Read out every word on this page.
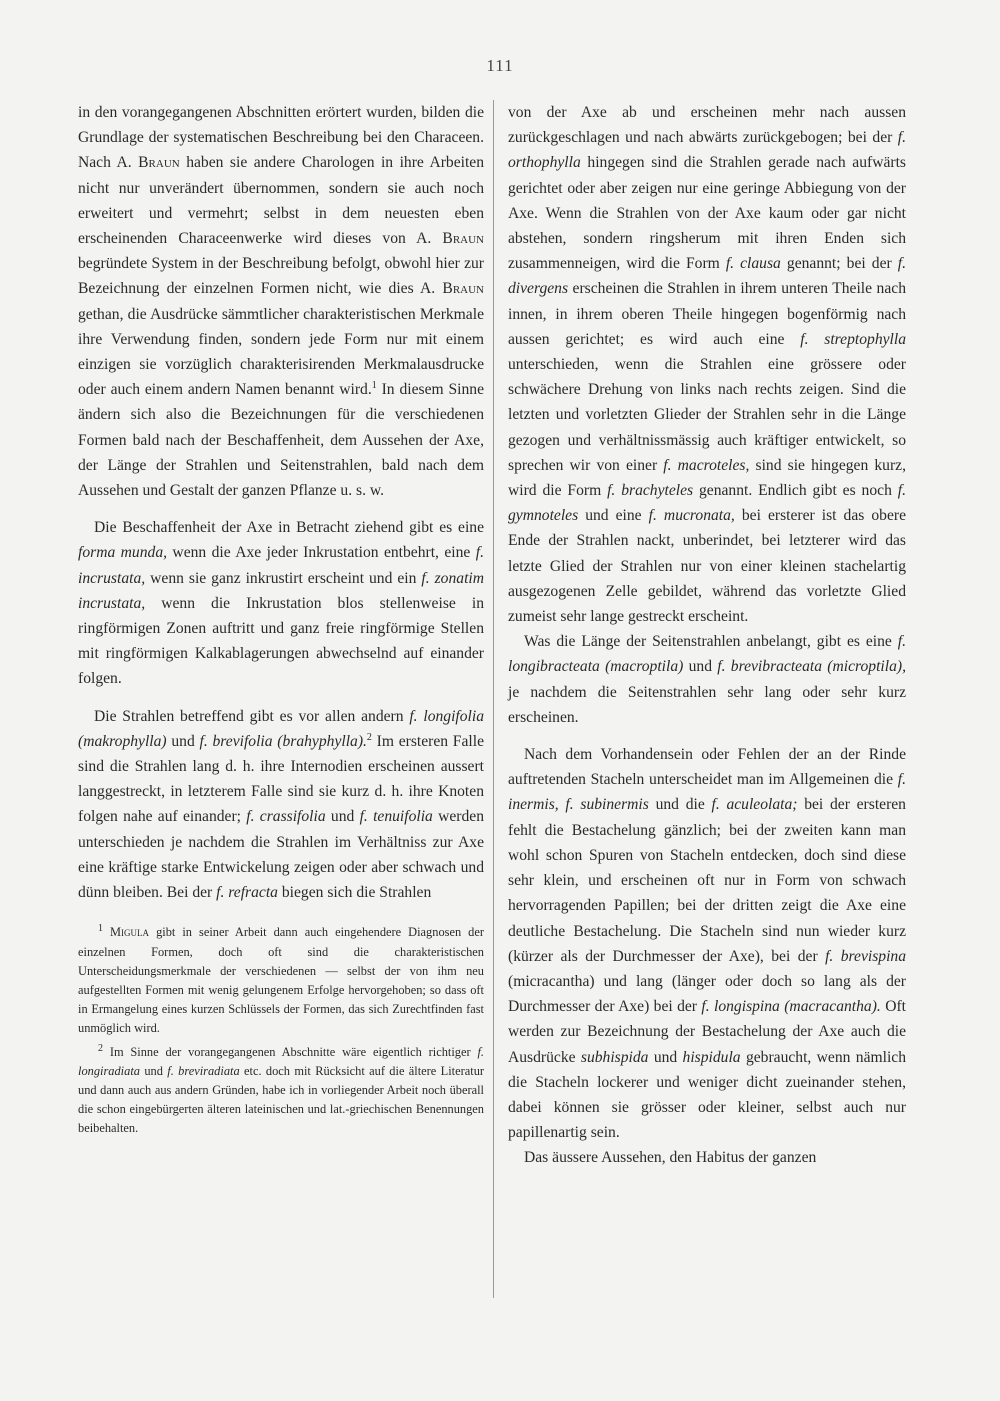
111

in den vorangegangenen Abschnitten erörtert wurden, bilden die Grundlage der systematischen Beschreibung bei den Characeen. Nach A. Braun haben sie andere Charologen in ihre Arbeiten nicht nur unverändert übernommen, sondern sie auch noch erweitert und vermehrt; selbst in dem neuesten eben erscheinenden Characeenwerke wird dieses von A. Braun begründete System in der Beschreibung befolgt, obwohl hier zur Bezeichnung der einzelnen Formen nicht, wie dies A. Braun gethan, die Ausdrücke sämmtlicher charakteristischen Merkmale ihre Verwendung finden, sondern jede Form nur mit einem einzigen sie vorzüglich charakterisirenden Merkmalausdrucke oder auch einem andern Namen benannt wird.$^1$ In diesem Sinne ändern sich also die Bezeichnungen für die verschiedenen Formen bald nach der Beschaffenheit, dem Aussehen der Axe, der Länge der Strahlen und Seitenstrahlen, bald nach dem Aussehen und Gestalt der ganzen Pflanze u. s. w.

Die Beschaffenheit der Axe in Betracht ziehend gibt es eine forma munda, wenn die Axe jeder Inkrustation entbehrt, eine f. incrustata, wenn sie ganz inkrustirt erscheint und ein f. zonatim incrustata, wenn die Inkrustation blos stellenweise in ringförmigen Zonen auftritt und ganz freie ringförmige Stellen mit ringförmigen Kalkablagerungen abwechselnd auf einander folgen.

Die Strahlen betreffend gibt es vor allen andern f. longifolia (makrophylla) und f. brevifolia (brahyphylla).$^2$ Im ersteren Falle sind die Strahlen lang d. h. ihre Internodien erscheinen aussert langgestreckt, in letzterem Falle sind sie kurz d. h. ihre Knoten folgen nahe auf einander; f. crassifolia und f. tenuifolia werden unterschieden je nachdem die Strahlen im Verhältniss zur Axe eine kräftige starke Entwickelung zeigen oder aber schwach und dünn bleiben. Bei der f. refracta biegen sich die Strahlen

$^1$ Migula gibt in seiner Arbeit dann auch eingehendere Diagnosen der einzelnen Formen, doch oft sind die charakteristischen Unterscheidungsmerkmale der verschiedenen — selbst der von ihm neu aufgestellten Formen mit wenig gelungenem Erfolge hervorgehoben; so dass oft in Ermangelung eines kurzen Schlüssels der Formen, das sich Zurechtfinden fast unmöglich wird.

$^2$ Im Sinne der vorangegangenen Abschnitte wäre eigentlich richtiger f. longiradiata und f. breviradiata etc. doch mit Rücksicht auf die ältere Literatur und dann auch aus andern Gründen, habe ich in vorliegender Arbeit noch überall die schon eingebürgerten älteren lateinischen und lat.-griechischen Benennungen beibehalten.

von der Axe ab und erscheinen mehr nach aussen zurückgeschlagen und nach abwärts zurückgebogen; bei der f. orthophylla hingegen sind die Strahlen gerade nach aufwärts gerichtet oder aber zeigen nur eine geringe Abbiegung von der Axe. Wenn die Strahlen von der Axe kaum oder gar nicht abstehen, sondern ringsherum mit ihren Enden sich zusammenneigen, wird die Form f. clausa genannt; bei der f. divergens erscheinen die Strahlen in ihrem unteren Theile nach innen, in ihrem oberen Theile hingegen bogenförmig nach aussen gerichtet; es wird auch eine f. streptophylla unterschieden, wenn die Strahlen eine grössere oder schwächere Drehung von links nach rechts zeigen. Sind die letzten und vorletzten Glieder der Strahlen sehr in die Länge gezogen und verhältnissmässig auch kräftiger entwickelt, so sprechen wir von einer f. macroteles, sind sie hingegen kurz, wird die Form f. brachyteles genannt. Endlich gibt es noch f. gymnoteles und eine f. mucronata, bei ersterer ist das obere Ende der Strahlen nackt, unberindet, bei letzterer wird das letzte Glied der Strahlen nur von einer kleinen stachelartig ausgezogenen Zelle gebildet, während das vorletzte Glied zumeist sehr lange gestreckt erscheint.

Was die Länge der Seitenstrahlen anbelangt, gibt es eine f. longibracteata (macroptila) und f. brevibracteata (microptila), je nachdem die Seitenstrahlen sehr lang oder sehr kurz erscheinen.

Nach dem Vorhandensein oder Fehlen der an der Rinde auftretenden Stacheln unterscheidet man im Allgemeinen die f. inermis, f. subinermis und die f. aculeolata; bei der ersteren fehlt die Bestachelung gänzlich; bei der zweiten kann man wohl schon Spuren von Stacheln entdecken, doch sind diese sehr klein, und erscheinen oft nur in Form von schwach hervorragenden Papillen; bei der dritten zeigt die Axe eine deutliche Bestachelung. Die Stacheln sind nun wieder kurz (kürzer als der Durchmesser der Axe), bei der f. brevispina (micracantha) und lang (länger oder doch so lang als der Durchmesser der Axe) bei der f. longispina (macracantha). Oft werden zur Bezeichnung der Bestachelung der Axe auch die Ausdrücke subhispida und hispidula gebraucht, wenn nämlich die Stacheln lockerer und weniger dicht zueinander stehen, dabei können sie grösser oder kleiner, selbst auch nur papillenartig sein.

Das äussere Aussehen, den Habitus der ganzen
